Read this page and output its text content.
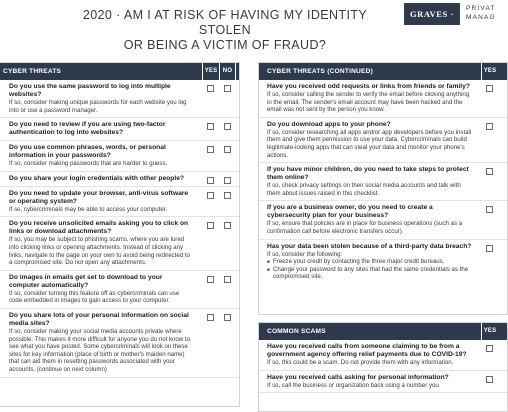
2020 · AM I AT RISK OF HAVING MY IDENTITY STOLEN
OR BEING A VICTIM OF FRAUD?
GRAVES · LIGHT
PRIVAT
MANAG
CYBER THREATS	YES NO
Do you use the same password to log into multiple websites?
If so, consider making unique passwords for each website you log into or use a password manager.
Do you need to review if you are using two-factor authentication to log into websites?
Do you use common phrases, words, or personal information in your passwords?
If so, consider making passwords that are harder to guess.
Do you share your login credentials with other people?
Do you need to update your browser, anti-virus software or operating system?
If so, cybercriminals may be able to access your computer.
Do you receive unsolicited emails asking you to click on links or download attachments?
If so, you may be subject to phishing scams, where you are lured into clicking links or opening attachments. Instead of clicking any links, navigate to the page on your own to avoid being redirected to a compromised site. Do not open any attachments.
Do images in emails get set to download to your computer automatically?
If so, consider turning this feature off as cybercriminals can use code embedded in images to gain access to your computer.
Do you share lots of your personal information on social media sites?
If so, consider making your social media accounts private where possible. This makes it more difficult for anyone you do not know to see what you have posted. Some cybercriminals will look on these sites for key information (place of birth or mother's maiden name) that can aid them in resetting passwords associated with your accounts. (continue on next column)
CYBER THREATS (CONTINUED)	YES
Have you received odd requests or links from friends or family?
If so, consider calling the sender to verify the email before clicking anything in the email. The sender's email account may have been hacked and the email was not sent by the person you know.
Do you download apps to your phone?
If so, consider researching all apps and/or app developers before you install them and give them permission to use your data. Cybercriminals can build legitimate-looking apps that can steal your data and monitor your phone's actions.
If you have minor children, do you need to take steps to protect them online?
If so, check privacy settings on their social media accounts and talk with them about issues raised in this checklist.
If you are a business owner, do you need to create a cybersecurity plan for your business?
If so, ensure that policies are in place for business operations (such as a confirmation call before electronic transfers occur).
Has your data been stolen because of a third-party data breach?
If so, consider the following:
■ Freeze your credit by contacting the three major credit bureaus.
■ Change your password to any sites that had the same credentials as the compromised site.
COMMON SCAMS	YES
Have you received calls from someone claiming to be from a government agency offering relief payments due to COVID-19?
If so, this could be a scam. Do not provide them with any information.
Have you received calls asking for personal information?
If so, call the business or organization back using a number you
